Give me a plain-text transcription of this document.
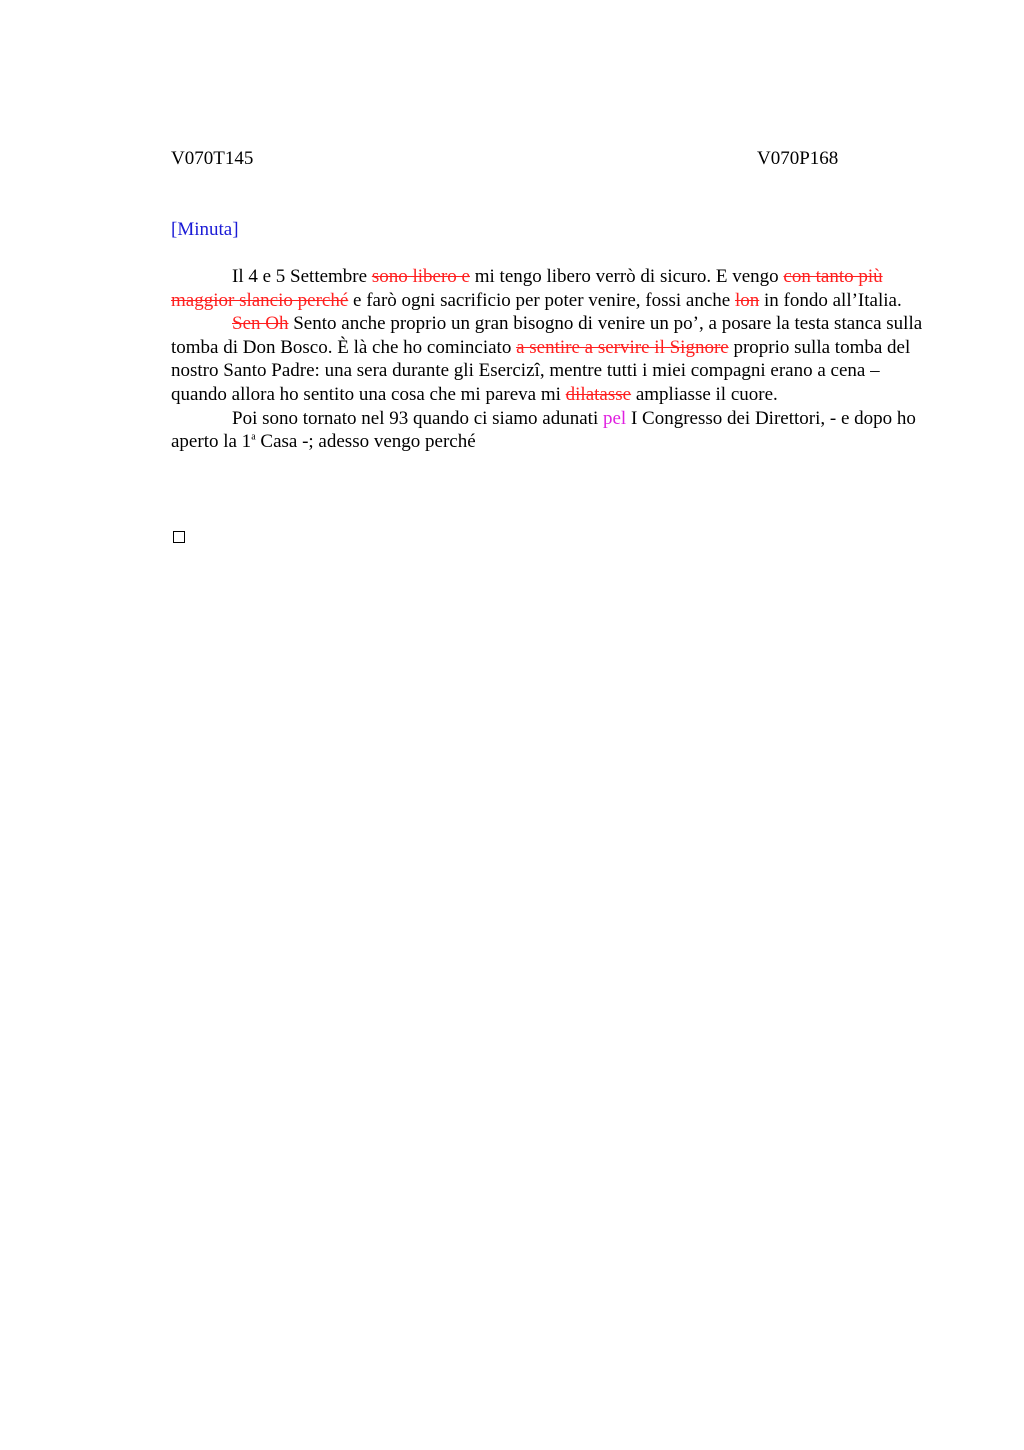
V070T145	V070P168
[Minuta]

Il 4 e 5 Settembre sono libero e mi tengo libero verrò di sicuro. E vengo con tanto più maggior slancio perché e farò ogni sacrificio per poter venire, fossi anche lon in fondo all’Italia.

Sen Oh Sento anche proprio un gran bisogno di venire un po’, a posare la testa stanca sulla tomba di Don Bosco. È là che ho cominciato a sentire a servire il Signore proprio sulla tomba del nostro Santo Padre: una sera durante gli Esercizî, mentre tutti i miei compagni erano a cena – quando allora ho sentito una cosa che mi pareva mi dilatasse ampliasse il cuore.

Poi sono tornato nel 93 quando ci siamo adunati pel I Congresso dei Direttori, - e dopo ho aperto la 1$^a$ Casa -; adesso vengo perché
